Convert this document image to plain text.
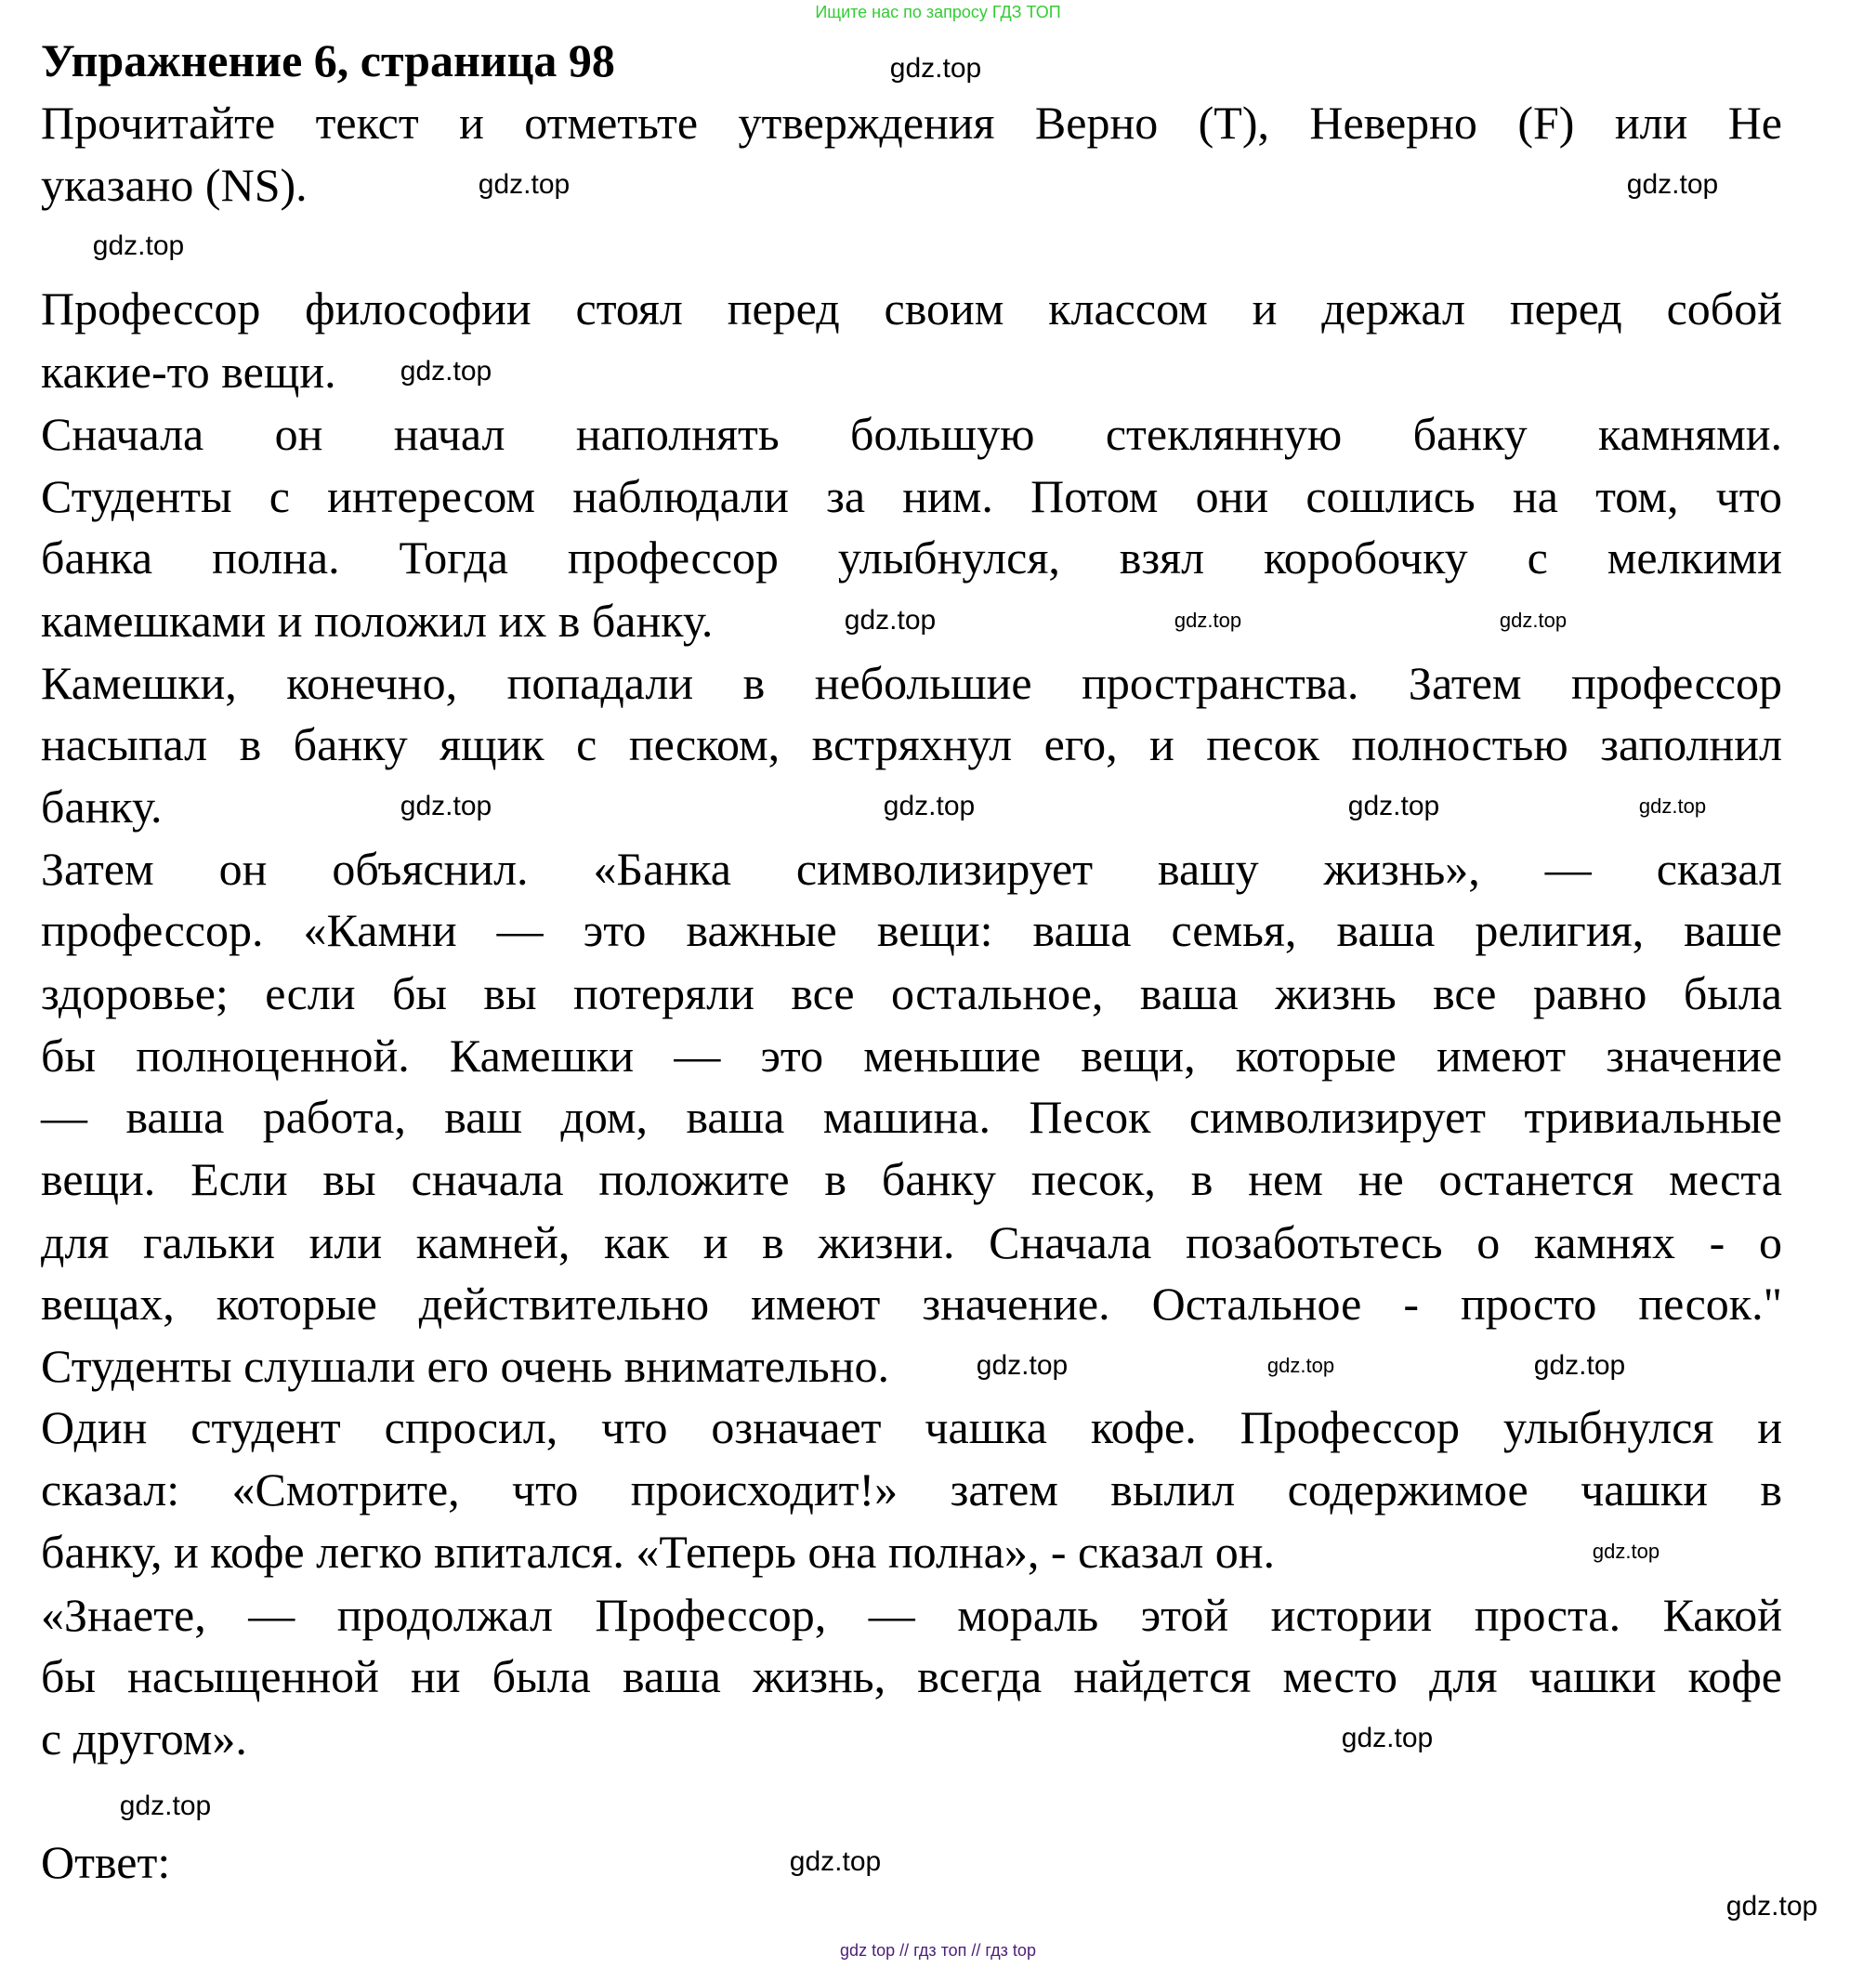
Ищите нас по запросу ГДЗ ТОП
Упражнение 6, страница 98
Прочитайте текст и отметьте утверждения Верно (T), Неверно (F) или Не
указано (NS).
Профессор философии стоял перед своим классом и держал перед собой
какие-то вещи.
Сначала он начал наполнять большую стеклянную банку камнями.
Студенты с интересом наблюдали за ним. Потом они сошлись на том, что
банка полна. Тогда профессор улыбнулся, взял коробочку с мелкими
камешками и положил их в банку.
Камешки, конечно, попадали в небольшие пространства. Затем профессор
насыпал в банку ящик с песком, встряхнул его, и песок полностью заполнил
банку.
Затем он объяснил. «Банка символизирует вашу жизнь», — сказал
профессор. «Камни — это важные вещи: ваша семья, ваша религия, ваше
здоровье; если бы вы потеряли все остальное, ваша жизнь все равно была
бы полноценной. Камешки — это меньшие вещи, которые имеют значение
— ваша работа, ваш дом, ваша машина. Песок символизирует тривиальные
вещи. Если вы сначала положите в банку песок, в нем не останется места
для гальки или камней, как и в жизни. Сначала позаботьтесь о камнях - о
вещах, которые действительно имеют значение. Остальное - просто песок."
Студенты слушали его очень внимательно.
Один студент спросил, что означает чашка кофе. Профессор улыбнулся и
сказал: «Смотрите, что происходит!» затем вылил содержимое чашки в
банку, и кофе легко впитался. «Теперь она полна», - сказал он.
«Знаете, — продолжал Профессор, — мораль этой истории проста. Какой
бы насыщенной ни была ваша жизнь, всегда найдется место для чашки кофе
с другом».
Ответ:
gdz.top
gdz.top
gdz.top
gdz.top
gdz.top
gdz.top
gdz.top	gdz.top
gdz.top	gdz.top	gdz.top	gdz.top
gdz.top
gdz.top	gdz.top
gdz.top
gdz.top
gdz.top
gdz.top
gdz.top
gdz top // гдз топ // гдз top
